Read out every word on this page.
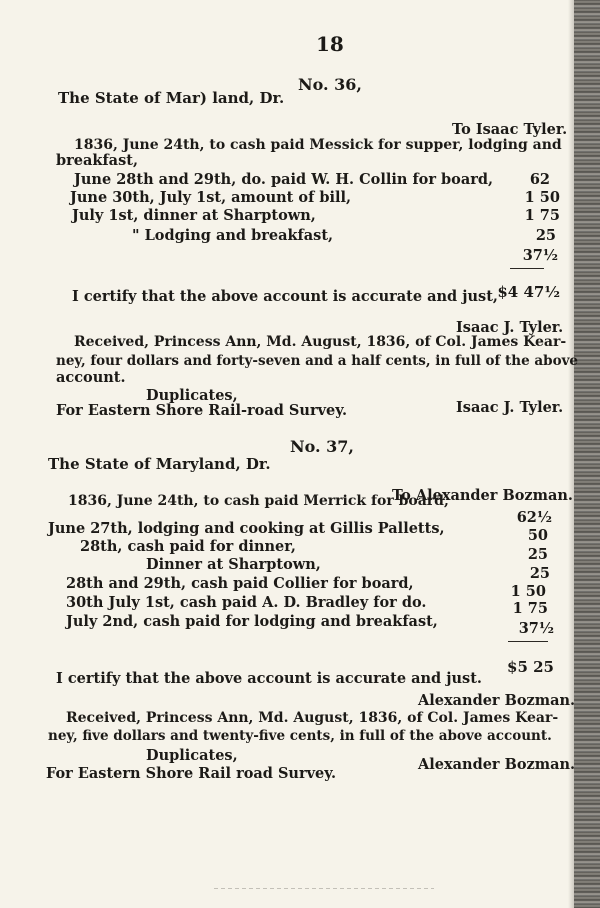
18
No. 36,
The State of Mar) land, Dr.
To Isaac Tyler.
1836, June 24th, to cash paid Messick for supper, lodging and
breakfast,
June 28th and 29th, do. paid W. H. Collin for board,
June 30th, July 1st, amount of bill,
July 1st, dinner at Sharptown,
" Lodging and breakfast,
62
1 50
1 75
25
37½
I certify that the above account is accurate and just, $4 47½
Isaac J. Tyler.
Received, Princess Ann, Md. August, 1836, of Col. James Kear-
ney, four dollars and forty-seven and a half cents, in full of the above
account.
Duplicates,
Isaac J. Tyler.
For Eastern Shore Rail-road Survey.
No. 37,
The State of Maryland, Dr.
To Alexander Bozman.
1836, June 24th, to cash paid Merrick for board,
June 27th, lodging and cooking at Gillis Palletts,
28th, cash paid for dinner,
Dinner at Sharptown,
28th and 29th, cash paid Collier for board,
30th July 1st, cash paid A. D. Bradley for do.
July 2nd, cash paid for lodging and breakfast,
62½
50
25
25
1 50
1 75
37½
$5 25
I certify that the above account is accurate and just.
Alexander Bozman.
Received, Princess Ann, Md. August, 1836, of Col. James Kear-
ney, five dollars and twenty-five cents, in full of the above account.
Duplicates,
Alexander Bozman.
For Eastern Shore Rail road Survey.
